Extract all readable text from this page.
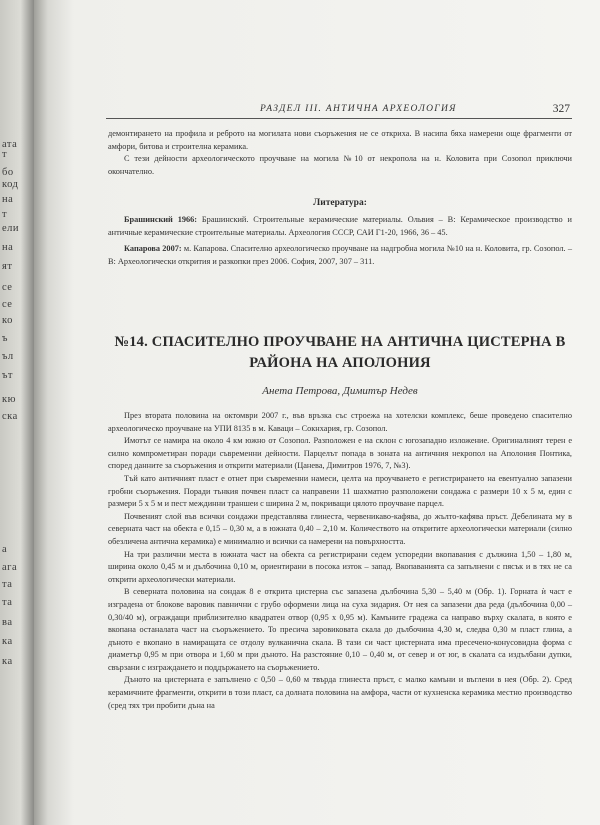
ата
т
бо
код
на
т
ели
на
ят
се
се
ко
ъ
ъл
ът
кю
ска
а
ага
та
та
ва
ка
ка
РАЗДЕЛ III. АНТИЧНА АРХЕОЛОГИЯ	327

демонтирането на профила и реброто на могилата нови съоръжения не се откриха. В насипа бяха намерени още фрагменти от амфори, битова и строителна керамика.

С тези дейности археологическото проучване на могила №10 от некропола на н. Коловита при Созопол приключи окончателно.

Литература:

Брашинский 1966: Брашинский. Строительные керамические материалы. Ольвия – В: Керамическое производство и античные керамические строительные материалы. Археология СССР, САИ Г1-20, 1966, 36 – 45.

Капарова 2007: м. Капарова. Спасително археологическо проучване на надгробна могила №10 на н. Коловита, гр. Созопол. – В: Археологически открития и разкопки през 2006. София, 2007, 307 – 311.

№14. СПАСИТЕЛНО ПРОУЧВАНЕ НА АНТИЧНА ЦИСТЕРНА В РАЙОНА НА АПОЛОНИЯ
Анета Петрова, Димитър Недев

През втората половина на октомври 2007 г., във връзка със строежа на хотелски комплекс, беше проведено спасително археологическо проучване на УПИ 8135 в м. Каваци – Сокнхария, гр. Созопол.

Имотът се намира на около 4 км южно от Созопол. Разположен е на склон с югозападно изложение. Оригиналният терен е силно компрометиран поради съвременни дейности. Парцелът попада в зоната на античния некропол на Аполония Понтика, според данните за съоръжения и открити материали (Цанева, Димитров 1976, 7, №3).

Тъй като античният пласт е отнет при съвременни намеси, целта на проучването е регистрирането на евентуално запазени гробни съоръжения. Поради тънкия почвен пласт са направени 11 шахматно разположени сондажа с размери 10 х 5 м, един с размери 5 х 5 м и пест междинни траншеи с ширина 2 м, покриващи цялото проучване парцел.

Почвеният слой във всички сондажи представлява глинеста, червеникаво-кафява, до жълто-кафява пръст. Дебелината му в северната част на обекта е 0,15 – 0,30 м, а в южната 0,40 – 2,10 м. Количеството на откритите археологически материали (силно обезличена антична керамика) е минимално и всички са намерени на повърхността.

На три различни места в южната част на обекта са регистрирани седем успоредни вкопавания с дължина 1,50 – 1,80 м, ширина около 0,45 м и дълбочина 0,10 м, ориентирани в посока изток – запад. Вкопаванията са запълнени с пясък и в тях не са открити археологически материали.

В северната половина на сондаж 8 е открита цистерна със запазена дълбочина 5,30 – 5,40 м (Обр. 1). Горната ѝ част е изградена от блокове варовик павнични с грубо оформени лица на суха зидария. От нея са запазени два реда (дълбочина 0,00 – 0,30/40 м), ограждащи приблизително квадратен отвор (0,95 х 0,95 м). Камъните градежа са направо върху скалата, в която е вкопана останалата част на съоръжението. То пресича заровиковата скала до дълбочина 4,30 м, следва 0,30 м пласт глина, а дъното е вкопано в намиращата се отдолу вулканична скала. В тази си част цистерната има пресечено-конусовидна форма с диаметър 0,95 м при отвора и 1,60 м при дъното. На разстояние 0,10 – 0,40 м, от север и от юг, в скалата са издълбани дупки, свързани с изграждането и поддържането на съоръжението.

Дъното на цистерната е запълнено с 0,50 – 0,60 м твърда глинеста пръст, с малко камъни и въглени в нея (Обр. 2). Сред керамичните фрагменти, открити в този пласт, са долната половина на амфора, части от кухненска керамика местно производство (сред тях три пробити дъна на
